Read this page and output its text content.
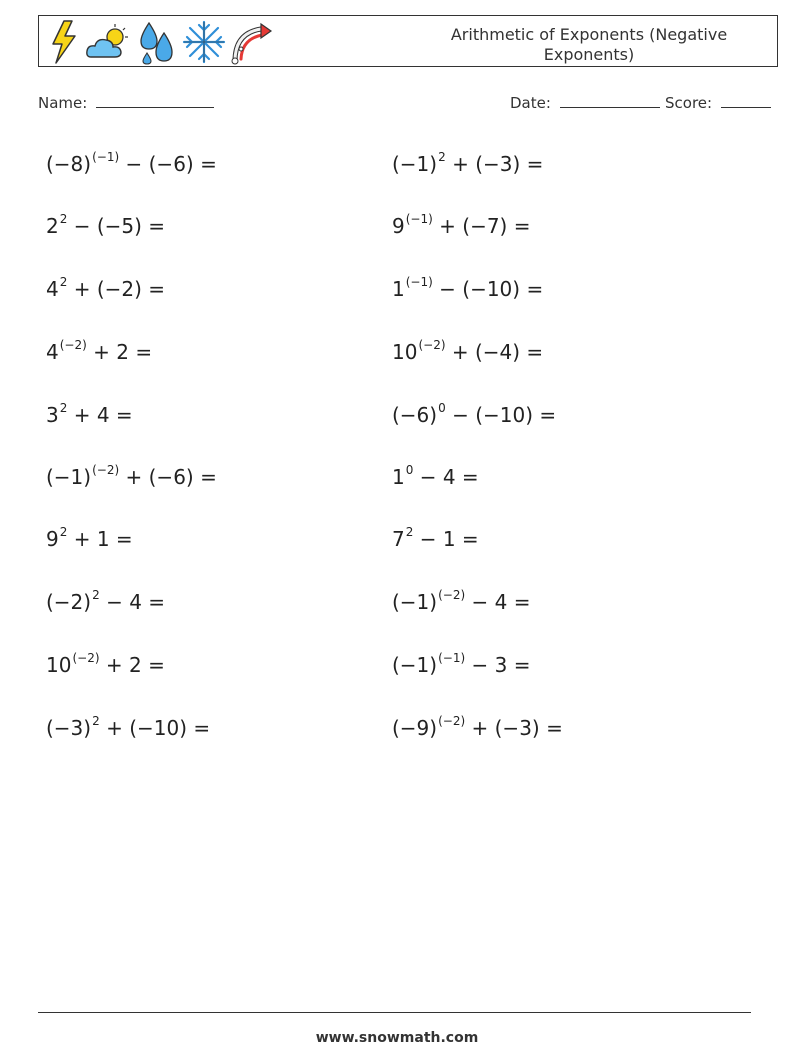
Arithmetic of Exponents (Negative Exponents)
Name:	Date:	Score:
$(-8)^{(-1)} - (-6)$ =
$2^2 - (-5)$ =
$4^2 + (-2)$ =
$4^{(-2)} + 2$ =
$3^2 + 4$ =
$(-1)^{(-2)} + (-6)$ =
$9^2 + 1$ =
$(-2)^2 - 4$ =
$10^{(-2)} + 2$ =
$(-3)^2 + (-10)$ =
$(-1)^2 + (-3)$ =
$9^{(-1)} + (-7)$ =
$1^{(-1)} - (-10)$ =
$10^{(-2)} + (-4)$ =
$(-6)^0 - (-10)$ =
$1^0 - 4$ =
$7^2 - 1$ =
$(-1)^{(-2)} - 4$ =
$(-1)^{(-1)} - 3$ =
$(-9)^{(-2)} + (-3)$ =
www.snowmath.com
